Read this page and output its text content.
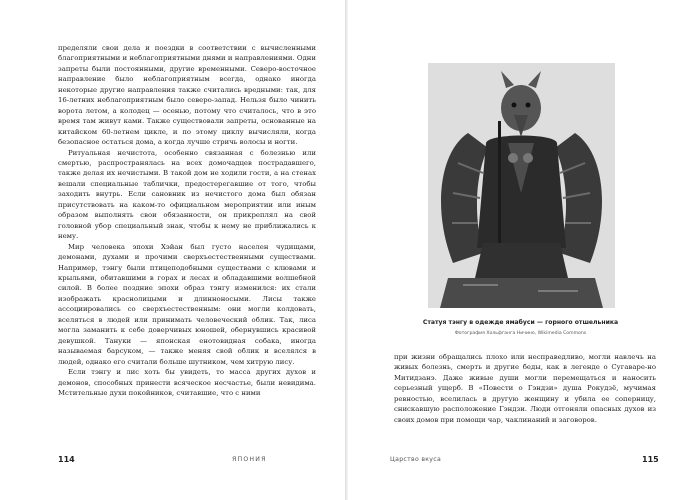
пределяли свои дела и поездки в соответствии с вычисленными благоприятными и неблагоприятными днями и направлениями. Одни запреты были постоянными, другие временными. Северо-восточное направление было неблагоприятным всегда, однако иногда некоторые другие направления также считались вредными: так, для 16-летних неблагоприятным было северо-запад. Нельзя было чинить ворота летом, а колодец — осенью, потому что считалось, что в это время там живут ками. Также существовали запреты, основанные на китайском 60-летнем цикле, и по этому циклу вычисляли, когда безопасное остаться дома, а когда лучше стричь волосы и ногти.

Ритуальная нечистота, особенно связанная с болезнью или смертью, распространялась на всех домочадцев пострадавшего, также делая их нечистыми. В такой дом не ходили гости, а на стенах вешали специальные таблички, предостерегавшие от того, чтобы заходить внутрь. Если сановник из нечистого дома был обязан присутствовать на каком-то официальном мероприятии или иным образом выполнять свои обязанности, он прикреплял на свой головной убор специальный знак, чтобы к нему не приближались к нему.

Мир человека эпохи Хэйан был густо населен чудищами, демонами, духами и прочими сверхъестественными существами. Например, тэнгу были птицеподобными существами с клювами и крыльями, обитавшими в горах и лесах и обладавшими волшебной силой. В более поздние эпохи образ тэнгу изменился: их стали изображать краснолицыми и длинноносыми. Лисы также ассоциировались со сверхъестественным: они могли колдовать, вселяться в людей или принимать человеческий облик. Так, лиса могла заманить к себе доверчивых юношей, обернувшись красивой девушкой. Тануки — японская енотовидная собака, иногда называемая барсуком, — также меняя свой облик и вселялся в людей, однако его считали больше шутником, чем хитрую лису.

Если тэнгу и лис хоть бы увидеть, то масса других духов и демонов, способных принести всяческое несчастье, были невидима. Мстительные духи покойников, считавшие, что с ними

114	ЯПОНИЯ
Статуя тэнгу в одежде ямабуси — горного отшельника
Фотография Хольфганга Ничино, Wikimedia Commons

при жизни обращались плохо или несправедливо, могли навлечь на живых болезнь, смерть и другие беды, как в легенде о Сугаваре-но Митидзанэ. Даже живые души могли перемещаться и наносить серьезный ущерб. В «Повести о Гэндзи» душа Рокудзё, мучимая ревностью, вселилась в другую женщину и убила ее соперницу, снискавшую расположение Гэндзи. Люди отгоняли опасных духов из своих домов при помощи чар, чаклинаний и заговоров.

Царство вкуса	115
